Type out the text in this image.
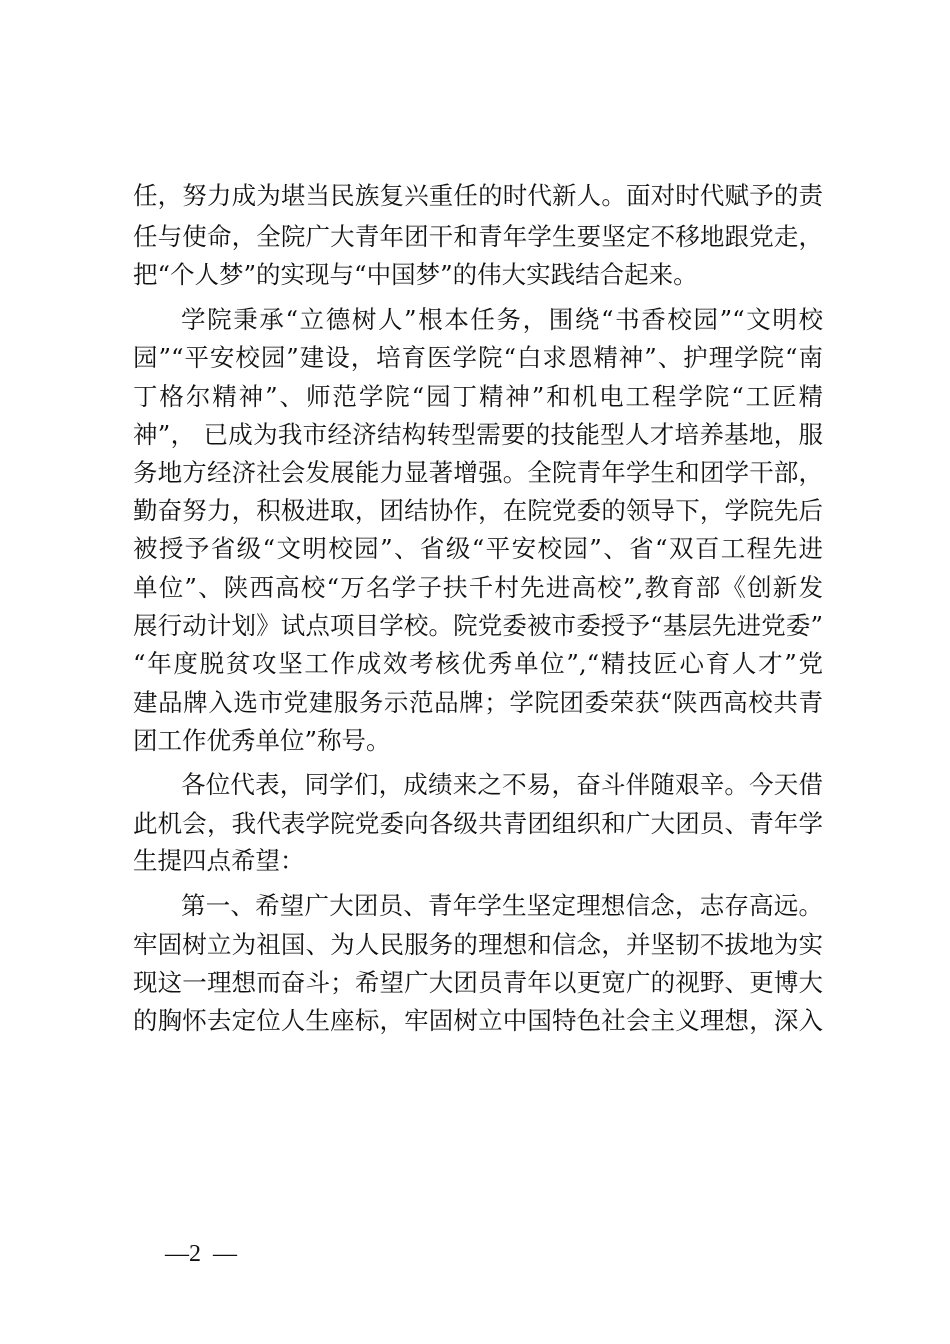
任，努力成为堪当民族复兴重任的时代新人。面对时代赋予的责
任与使命，全院广大青年团干和青年学生要坚定不移地跟党走，
把“个人梦”的实现与“中国梦”的伟大实践结合起来。
学院秉承“立德树人”根本任务，围绕“书香校园”“文明校
园”“平安校园”建设，培育医学院“白求恩精神”、护理学院“南
丁格尔精神”、师范学院“园丁精神”和机电工程学院“工匠精
神”， 已成为我市经济结构转型需要的技能型人才培养基地，服
务地方经济社会发展能力显著增强。全院青年学生和团学干部，
勤奋努力，积极进取，团结协作，在院党委的领导下，学院先后
被授予省级“文明校园”、省级“平安校园”、省“双百工程先进
单位”、陕西高校“万名学子扶千村先进高校”,教育部《创新发
展行动计划》试点项目学校。院党委被市委授予“基层先进党委”
“年度脱贫攻坚工作成效考核优秀单位”,“精技匠心育人才”党
建品牌入选市党建服务示范品牌；学院团委荣获“陕西高校共青
团工作优秀单位”称号。
各位代表，同学们，成绩来之不易，奋斗伴随艰辛。今天借
此机会，我代表学院党委向各级共青团组织和广大团员、青年学
生提四点希望：
第一、希望广大团员、青年学生坚定理想信念，志存高远。
牢固树立为祖国、为人民服务的理想和信念，并坚韧不拔地为实
现这一理想而奋斗；希望广大团员青年以更宽广的视野、更博大
的胸怀去定位人生座标，牢固树立中国特色社会主义理想，深入
—2  —
